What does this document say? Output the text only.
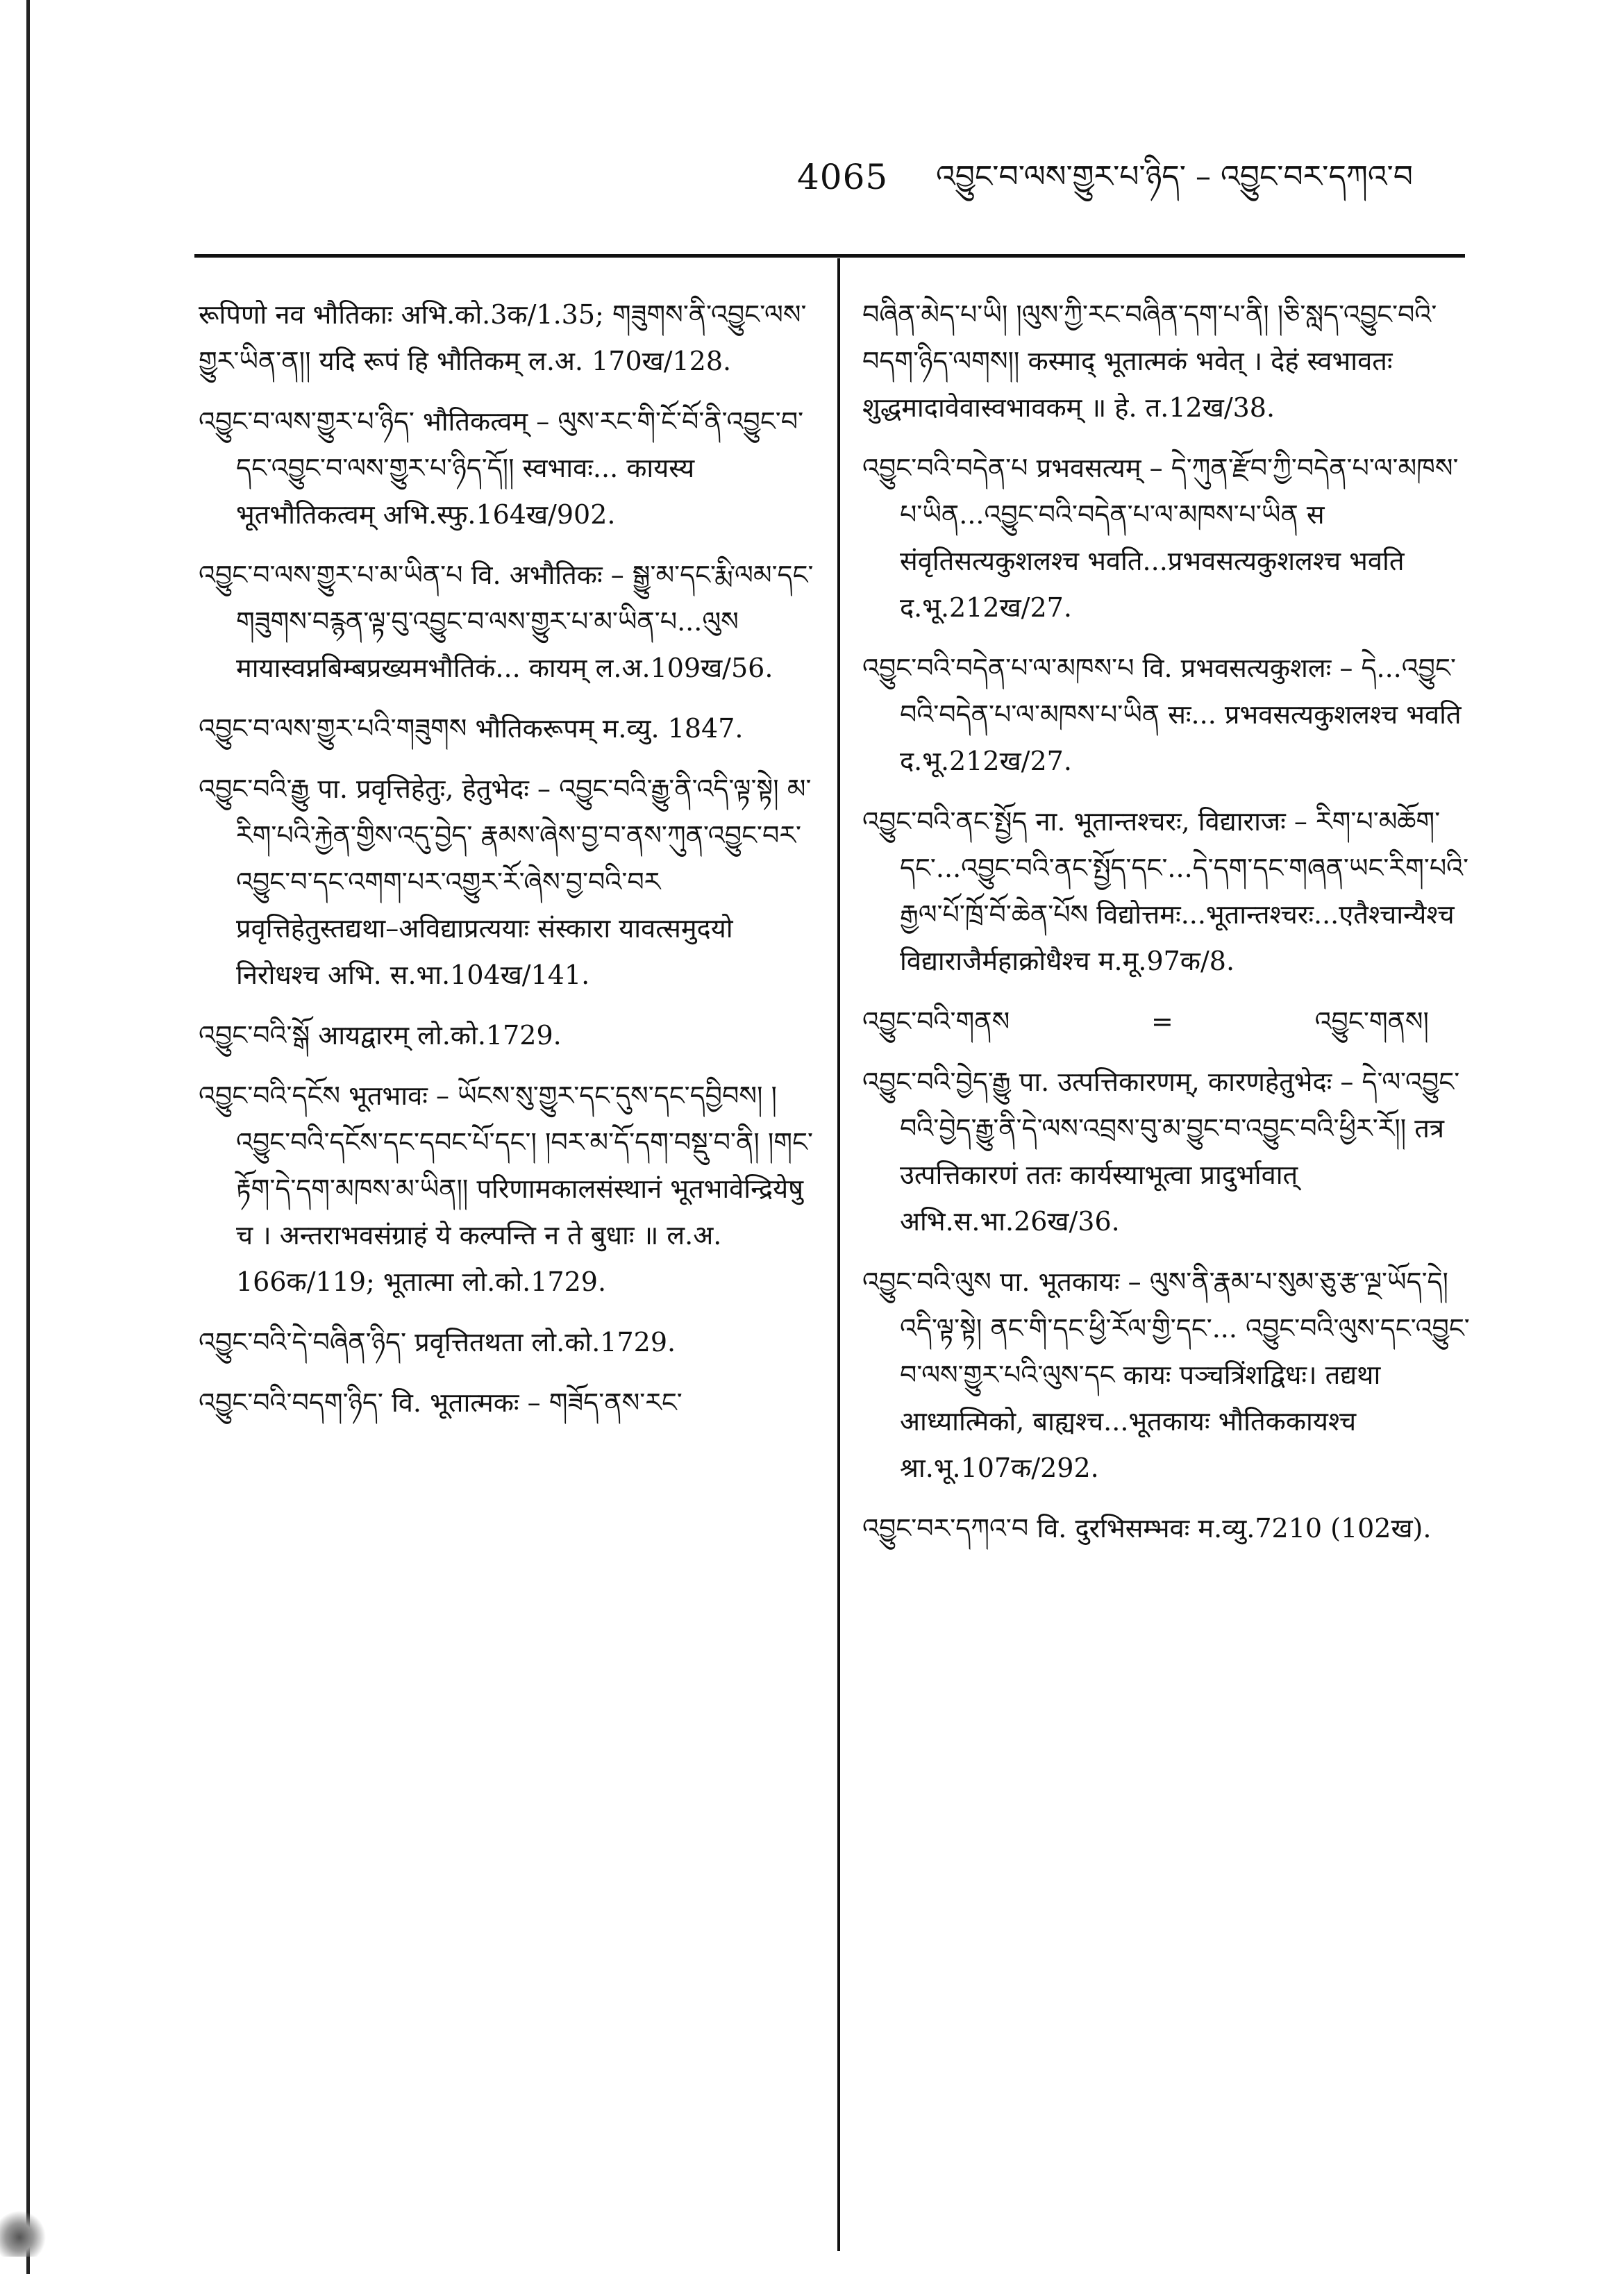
4065 འབྱུང་བ་ལས་གྱུར་པ་ཉིད་ – འབྱུང་བར་དཀའ་བ

रूपिणो नव भौतिकाः अभि.को.3क/1.35; གཟུགས་ནི་འབྱུང་ལས་གྱུར་ཡིན་ན།། यदि रूपं हि भौतिकम् ल.अ. 170ख/128.

འབྱུང་བ་ལས་གྱུར་པ་ཉིད་ भौतिकत्वम् – ལུས་རང་གི་ངོ་བོ་ནི་འབྱུང་བ་དང་འབྱུང་བ་ལས་གྱུར་པ་ཉིད་དོ།། स्वभावः... कायस्य भूतभौतिकत्वम् अभि.स्फु.164ख/902.

འབྱུང་བ་ལས་གྱུར་པ་མ་ཡིན་པ वि. अभौतिकः – སྒྱུ་མ་དང་རྨི་ལམ་དང་གཟུགས་བརྙན་ལྟ་བུ་འབྱུང་བ་ལས་གྱུར་པ་མ་ཡིན་པ...ལུས मायास्वप्नबिम्बप्रख्यमभौतिकं... कायम् ल.अ.109ख/56.

འབྱུང་བ་ལས་གྱུར་པའི་གཟུགས भौतिकरूपम् म.व्यु. 1847.

འབྱུང་བའི་རྒྱུ पा. प्रवृत्तिहेतुः, हेतुभेदः – འབྱུང་བའི་རྒྱུ་ནི་འདི་ལྟ་སྟེ། མ་རིག་པའི་རྐྱེན་གྱིས་འདུ་བྱེད་ རྣམས་ཞེས་བྱ་བ་ནས་ཀུན་འབྱུང་བར་འབྱུང་བ་དང་འགག་པར་འགྱུར་རོ་ཞེས་བྱ་བའི་བར प्रवृत्तिहेतुस्तद्यथा–अविद्याप्रत्ययाः संस्कारा यावत्समुदयो निरोधश्च अभि. स.भा.104ख/141.

འབྱུང་བའི་སྒོ आयद्वारम् लो.को.1729.

འབྱུང་བའི་དངོས भूतभावः – ཡོངས་སུ་གྱུར་དང་དུས་དང་དབྱིབས། །འབྱུང་བའི་དངོས་དང་དབང་པོ་དང་། །བར་མ་དོ་དག་བསྡུ་བ་ནི། །གང་རྟོག་དེ་དག་མཁས་མ་ཡིན།། परिणामकालसंस्थानं भूतभावेन्द्रियेषु च । अन्तराभवसंग्राहं ये कल्पन्ति न ते बुधाः ॥ ल.अ. 166क/119; भूतात्मा लो.को.1729.

འབྱུང་བའི་དེ་བཞིན་ཉིད་ प्रवृत्तितथता लो.को.1729.

འབྱུང་བའི་བདག་ཉིད་ वि. भूतात्मकः – གཟོད་ནས་རང་

བཞིན་མེད་པ་ཡི། །ལུས་ཀྱི་རང་བཞིན་དག་པ་ནི། །ཅི་སླད་འབྱུང་བའི་བདག་ཉིད་ལགས།། कस्माद् भूतात्मकं भवेत् । देहं स्वभावतः शुद्धमादावेवास्वभावकम् ॥ हे. त.12ख/38.

འབྱུང་བའི་བདེན་པ प्रभवसत्यम् – དེ་ཀུན་རྫོབ་ཀྱི་བདེན་པ་ལ་མཁས་པ་ཡིན...འབྱུང་བའི་བདེན་པ་ལ་མཁས་པ་ཡིན स संवृतिसत्यकुशलश्च भवति...प्रभवसत्यकुशलश्च भवति द.भू.212ख/27.

འབྱུང་བའི་བདེན་པ་ལ་མཁས་པ वि. प्रभवसत्यकुशलः – དེ...འབྱུང་བའི་བདེན་པ་ལ་མཁས་པ་ཡིན सः... प्रभवसत्यकुशलश्च भवति द.भू.212ख/27.

འབྱུང་བའི་ནང་སྤྱོད ना. भूतान्तश्चरः, विद्याराजः – རིག་པ་མཆོག་དང་...འབྱུང་བའི་ནང་སྤྱོད་དང་...དེ་དག་དང་གཞན་ཡང་རིག་པའི་རྒྱལ་པོ་ཁྲོ་བོ་ཆེན་པོས विद्योत्तमः...भूतान्तश्चरः...एतैश्चान्यैश्च विद्याराजैर्महाक्रोधैश्च म.मू.97क/8.

འབྱུང་བའི་གནས	=	འབྱུང་གནས།

འབྱུང་བའི་བྱེད་རྒྱུ पा. उत्पत्तिकारणम्, कारणहेतुभेदः – དེ་ལ་འབྱུང་བའི་བྱེད་རྒྱུ་ནི་དེ་ལས་འབྲས་བུ་མ་བྱུང་བ་འབྱུང་བའི་ཕྱིར་རོ།། तत्र उत्पत्तिकारणं ततः कार्यस्याभूत्वा प्रादुर्भावात् अभि.स.भा.26ख/36.

འབྱུང་བའི་ལུས पा. भूतकायः – ལུས་ནི་རྣམ་པ་སུམ་ཅུ་རྩ་ལྔ་ཡོད་དེ། འདི་ལྟ་སྟེ། ནང་གི་དང་ཕྱི་རོལ་གྱི་དང་... འབྱུང་བའི་ལུས་དང་འབྱུང་བ་ལས་གྱུར་པའི་ལུས་དང कायः पञ्चत्रिंशद्विधः। तद्यथा आध्यात्मिको, बाह्यश्च...भूतकायः भौतिककायश्च श्रा.भू.107क/292.

འབྱུང་བར་དཀའ་བ वि. दुरभिसम्भवः म.व्यु.7210 (102ख).
